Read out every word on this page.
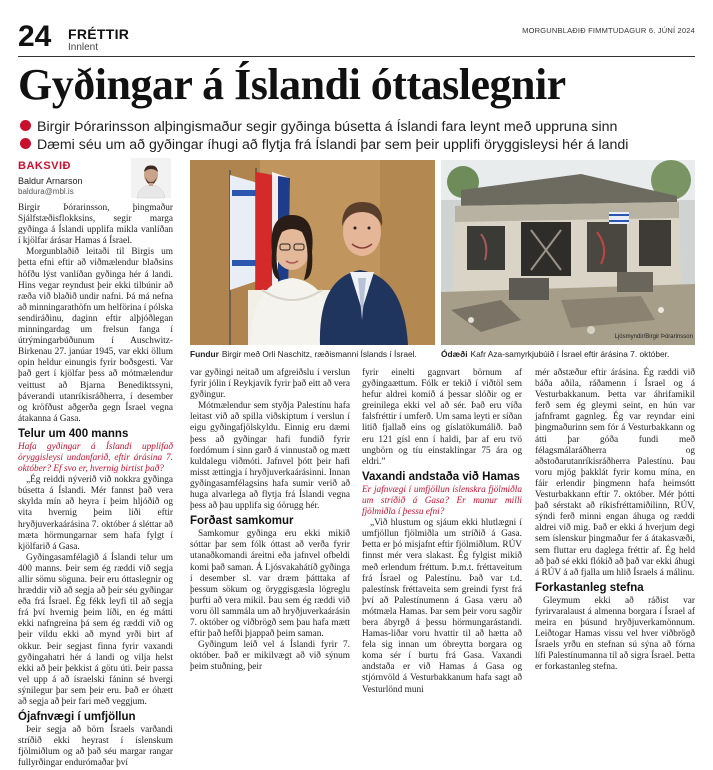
24 FRÉTTIR
Innlent
MORGUNBLAÐIÐ FIMMTUDAGUR 6. JÚNÍ 2024
Gyðingar á Íslandi óttaslegnir
Birgir Þórarinsson alþingismaður segir gyðinga búsetta á Íslandi fara leynt með uppruna sinn
Dæmi séu um að gyðingar íhugi að flytja frá Íslandi þar sem þeir upplifi öryggisleysi hér á landi
BAKSVIÐ
Baldur Arnarson
baldura@mbl.is

Birgir Þórarinsson, þingmaður Sjálfstæðisflokksins, segir marga gyðinga á Íslandi upplifa mikla vanlíðan í kjölfar árásar Hamas á Ísrael.

Morgunblaðið leitaði til Birgis um þetta efni eftir að viðmælendur blaðsins höfðu lýst vanlíðan gyðinga hér á landi. Hins vegar reyndust þeir ekki tilbúnir að ræða við blaðið undir nafni. Þá má nefna að minningarathöfn um helförina í pólska sendiráðinu, daginn eftir alþjóðlegan minningardag um frelsun fanga í útrýmingarbúðunum í Auschwitz-Birkenau 27. janúar 1945, var ekki öllum opin heldur einungis fyrir boðsgesti. Var það gert í kjölfar þess að mótmælendur veittust að Bjarna Benediktssyni, þáverandi utanríkisráðherra, í desember og kröfðust aðgerða gegn Ísrael vegna átakanna á Gasa.

Telur um 400 manns

Hafa gyðingar á Íslandi upplifað öryggisleysi undanfarið, eftir árásina 7. október? Ef svo er, hvernig birtist það?

„Ég reiddi nýverið við nokkra gyðinga búsetta á Íslandi. Mér fannst það vera skylda mín að heyra í þeim hljóðið og vita hvernig þeim liði eftir hryðjuverkaárásina 7. október á sléttar að mæta hörmungarnar sem hafa fylgt í kjölfarið á Gasa.

Gyðingasamfélagið á Íslandi telur um 400 manns. Þeir sem ég ræddi við segja allir sömu söguna. Þeir eru óttaslegnir og hræddir við að segja að þeir séu gyðingar eða frá Ísrael. Ég fékk leyfi til að segja frá því hvernig þeim líði, en ég mátti ekki nafngreina þá sem ég ræddi við og þeir vildu ekki að mynd yrði birt af okkur. Þeir segjast finna fyrir vaxandi gyðingahatri hér á landi og vilja helst ekki að þeir þekkist á götu úti. Þeir passa vel upp á að ísraelski fáninn sé hvergi sýnilegur þar sem þeir eru. Það er óhætt að segja að þeir fari með veggjum.

Ójafnvægi í umfjöllun

Þeir segja að börn Ísraels varðandi stríðið ekki heyrast í íslenskum fjölmiðlum og að það séu margar rangar fullyrðingar endurómaðar því

Ljósmyndir/Birgir Þórarinsson
Fundur Birgir með Orli Naschitz, ræðismanni Íslands í Ísrael.	Ódæði Kafr Aza-samyrkjubúið í Ísrael eftir árásina 7. október.

var gyðingi neitað um afgreiðslu í verslun fyrir jólin í Reykjavík fyrir það eitt að vera gyðingur.

Mótmælendur sem styðja Palestínu hafa leitast við að spilla viðskiptum í verslun í eigu gyðingafjölskyldu. Einnig eru dæmi þess að gyðingar hafi fundið fyrir fordómum í sinn garð á vinnustað og mætt kuldalegu viðmóti. Jafnvel þótt þeir hafi misst ættingja í hryðjuverkaárásinni. Innan gyðingasamfélagsins hafa sumir verið að huga alvarlega að flytja frá Íslandi vegna þess að þau upplifa sig óörugg hér.

Forðast samkomur

Samkomur gyðinga eru ekki mikið sóttar þar sem fólk óttast að verða fyrir utanaðkomandi áreitni eða jafnvel ofbeldi komi það saman. Á Ljósvakahátíð gyðinga í desember sl. var dræm þátttaka af þessum sökum og öryggisgæsla lögreglu þurfti að vera mikil. Þau sem ég ræddi við voru öll sammála um að hryðjuverkaárásin 7. október og viðbrögð sem þau hafa mætt eftir það hefði þjappað þeim saman.

Gyðingum leið vel á Íslandi fyrir 7. október. Það er mikilvægt að við sýnum þeim stuðning, þeir

fyrir einelti gagnvart börnum af gyðingaættum. Fólk er tekið í viðtöl sem hefur aldrei komið á þessar slóðir og er greinilega ekki vel að sér. Það eru víða falsfréttir í umferð. Um sama leyti er síðan litið fjallað eins og gíslatökumálið. Það eru 121 gísl enn í haldi, þar af eru tvö ungbörn og tíu einstaklingar 75 ára og eldri.”

Vaxandi andstaða við Hamas

Er jafnvægi í umfjöllun íslenskra fjölmiðla um stríðið á Gasa? Er munur milli fjölmiðla í þessu efni?

„Við hlustum og sjáum ekki hlutlægni í umfjöllun fjölmiðla um stríðið á Gasa. Þetta er þó misjafnt eftir fjölmiðlum. RÚV finnst mér vera slakast. Ég fylgist mikið með erlendum fréttum. Þ.m.t. fréttaveitum frá Ísrael og Palestínu. Það var t.d. palestínsk fréttaveita sem greindi fyrst frá því að Palestínumenn á Gasa væru að mótmæla Hamas. Þar sem þeir voru sagðir bera ábyrgð á þessu hörmungarástandi. Hamas-liðar voru hvattir til að hætta að fela sig innan um óbreytta borgara og koma sér í burtu frá Gasa. Vaxandi andstaða er við Hamas á Gasa og stjórnvöld á Vesturbakkanum hafa sagt að Vesturlönd muni

mér aðstæður eftir árásina. Ég ræddi við báða aðila, ráðamenn í Ísrael og á Vesturbakkanum. Þetta var áhrifamikil ferð sem ég gleymi seint, en hún var jafnframt gagnleg. Ég var reyndar eini þingmaðurinn sem fór á Vesturbakkann og átti þar góða fundi með félagsmálaráðherra og aðstoðarutanríkisráðherra Palestínu. Þau voru mjög þakklát fyrir komu mína, en fáir erlendir þingmenn hafa heimsótt Vesturbakkann eftir 7. október. Mér þótti það sérstakt að ríkisfréttamiðilinn, RÚV, sýndi ferð minni engan áhuga og ræddi aldrei við mig. Það er ekki á hverjum degi sem íslenskur þingmaður fer á átakasvæði, sem fluttar eru daglega fréttir af. Ég held að það sé ekki flókið að það var ekki áhugi á RÚV á að fjalla um hlið Ísraels á málinu.

Forkastanleg stefna

Gleymum ekki að ráðist var fyrirvaralaust á almenna borgara í Ísrael af meira en þúsund hryðjuverkamönnum. Leiðtogar Hamas vissu vel hver viðbrögð Ísraels yrðu en stefnan sú sýna að fórna lífi Palestínumanna til að sigra Ísrael. Þetta er forkastanleg stefna.
